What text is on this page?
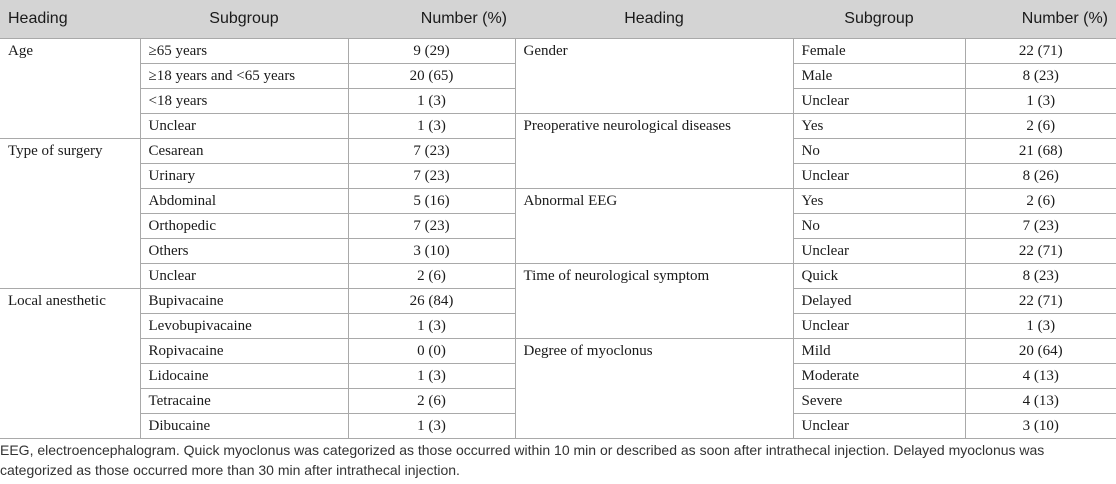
Heading	Subgroup	Number (%)	Heading	Subgroup	Number (%)
Age	≥65 years	9 (29)	Gender	Female	22 (71)
	≥18 years and <65 years	20 (65)		Male	8 (23)
	<18 years	1 (3)		Unclear	1 (3)
	Unclear	1 (3)	Preoperative neurological diseases	Yes	2 (6)
Type of surgery	Cesarean	7 (23)		No	21 (68)
	Urinary	7 (23)		Unclear	8 (26)
	Abdominal	5 (16)	Abnormal EEG	Yes	2 (6)
	Orthopedic	7 (23)		No	7 (23)
	Others	3 (10)		Unclear	22 (71)
	Unclear	2 (6)	Time of neurological symptom	Quick	8 (23)
Local anesthetic	Bupivacaine	26 (84)		Delayed	22 (71)
	Levobupivacaine	1 (3)		Unclear	1 (3)
	Ropivacaine	0 (0)	Degree of myoclonus	Mild	20 (64)
	Lidocaine	1 (3)		Moderate	4 (13)
	Tetracaine	2 (6)		Severe	4 (13)
	Dibucaine	1 (3)		Unclear	3 (10)
EEG, electroencephalogram. Quick myoclonus was categorized as those occurred within 10 min or described as soon after intrathecal injection. Delayed myoclonus was categorized as those occurred more than 30 min after intrathecal injection.
